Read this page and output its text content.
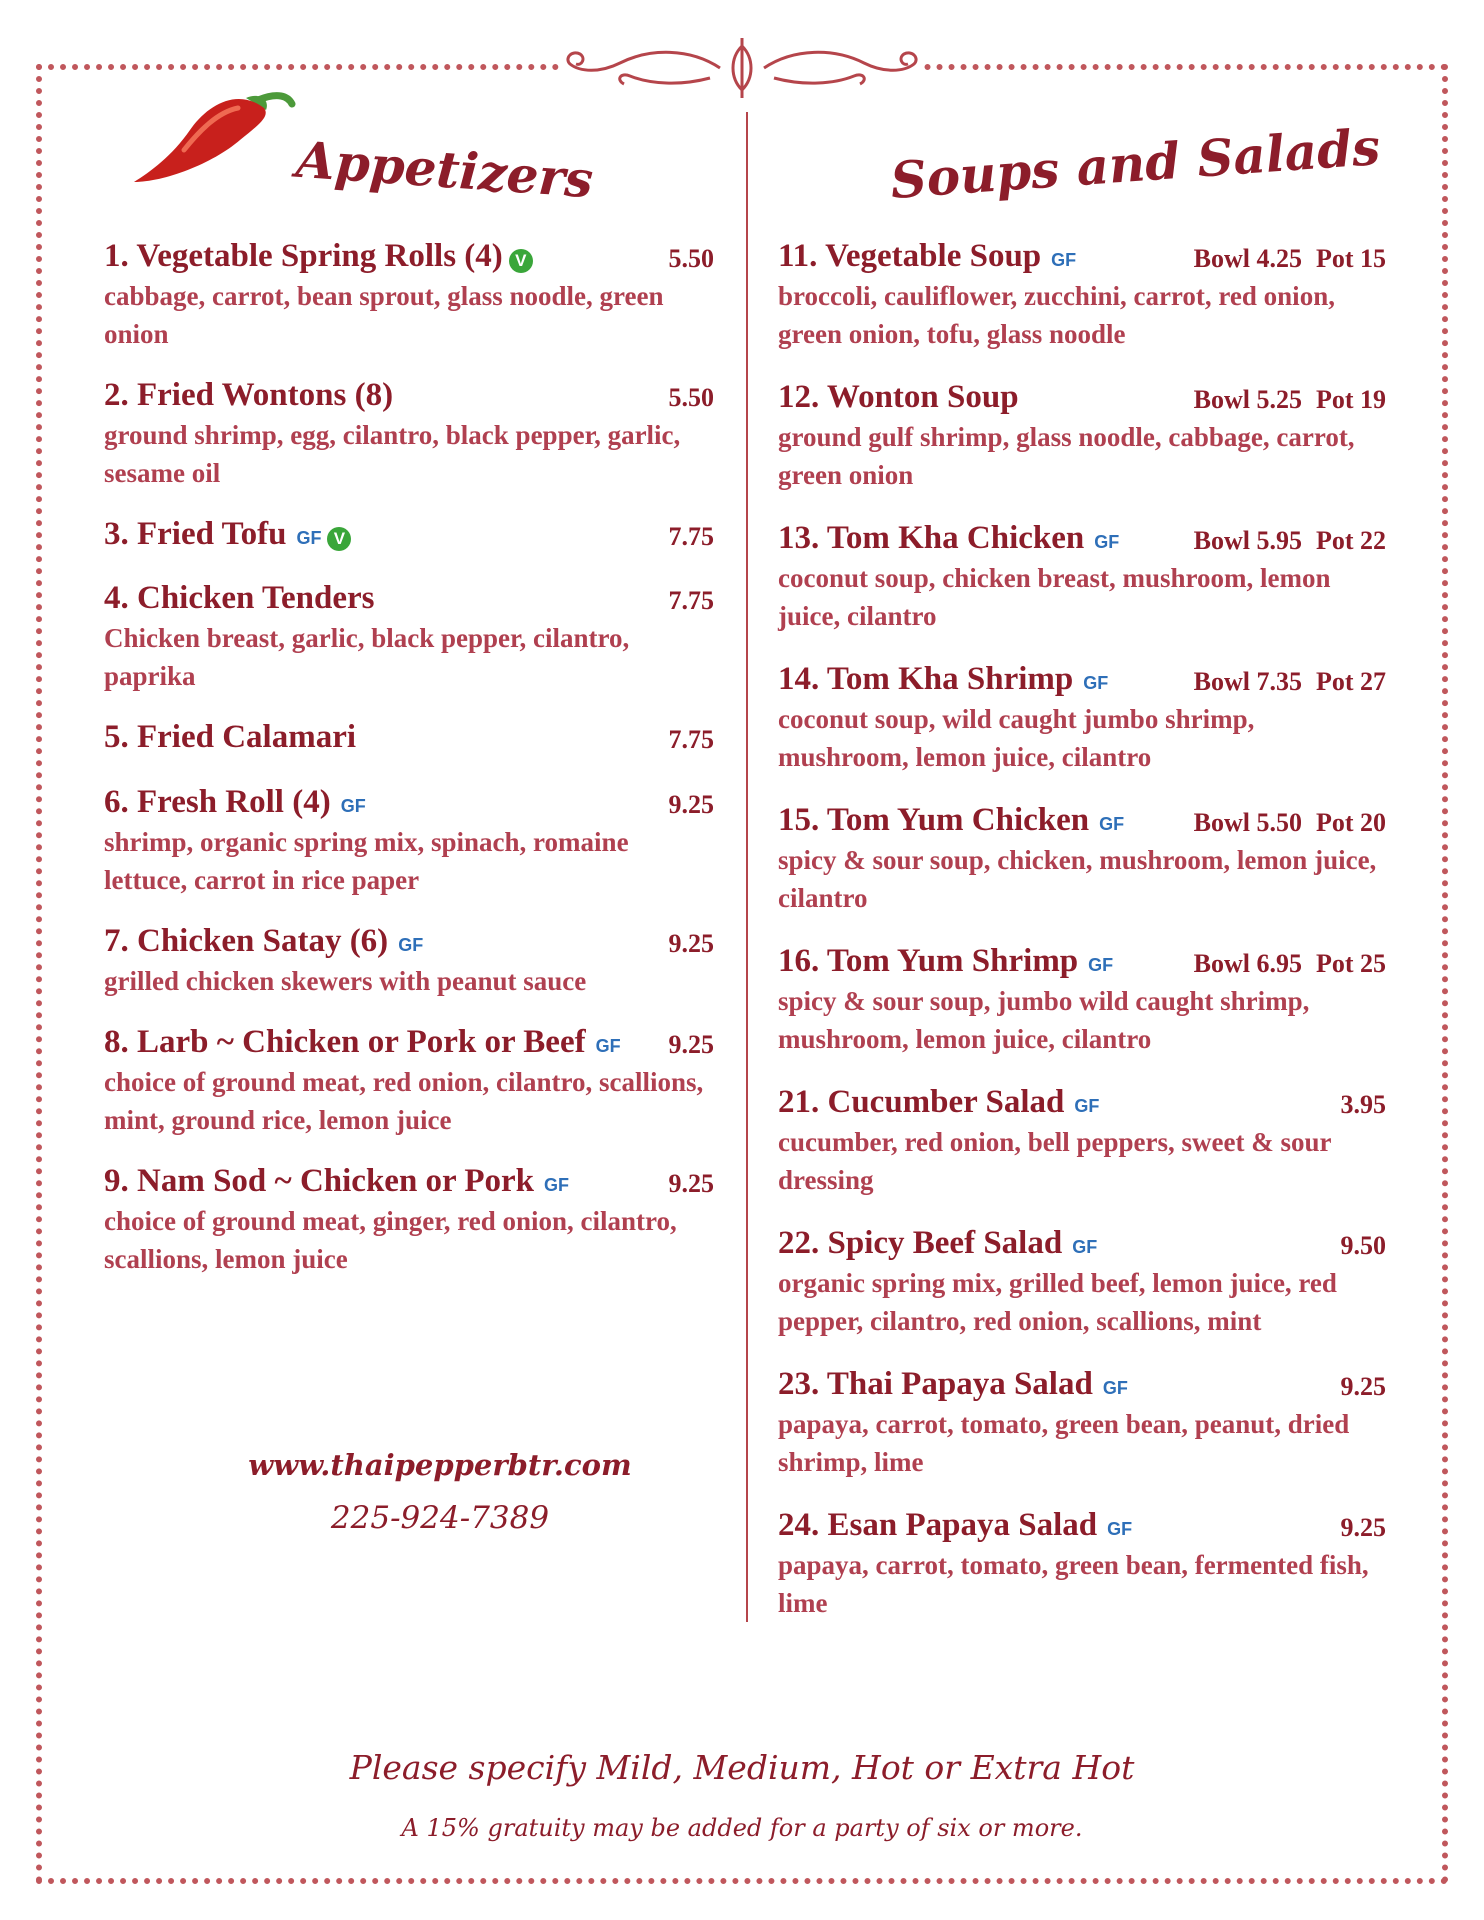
Appetizers	Soups and Salads
1. Vegetable Spring Rolls (4) V	5.50
cabbage, carrot, bean sprout, glass noodle, green onion
2. Fried Wontons (8)	5.50
ground shrimp, egg, cilantro, black pepper, garlic, sesame oil
3. Fried Tofu GF V	7.75
4. Chicken Tenders	7.75
Chicken breast, garlic, black pepper, cilantro, paprika
5. Fried Calamari	7.75
6. Fresh Roll (4) GF	9.25
shrimp, organic spring mix, spinach, romaine lettuce, carrot in rice paper
7. Chicken Satay (6) GF	9.25
grilled chicken skewers with peanut sauce
8. Larb ~ Chicken or Pork or Beef GF 9.25
choice of ground meat, red onion, cilantro, scallions, mint, ground rice, lemon juice
9. Nam Sod ~ Chicken or Pork GF	9.25
choice of ground meat, ginger, red onion, cilantro, scallions, lemon juice
11. Vegetable Soup GF	Bowl 4.25 Pot 15
broccoli, cauliflower, zucchini, carrot, red onion, green onion, tofu, glass noodle
12. Wonton Soup	Bowl 5.25 Pot 19
ground gulf shrimp, glass noodle, cabbage, carrot, green onion
13. Tom Kha Chicken GF	Bowl 5.95 Pot 22
coconut soup, chicken breast, mushroom, lemon juice, cilantro
14. Tom Kha Shrimp GF	Bowl 7.35 Pot 27
coconut soup, wild caught jumbo shrimp, mushroom, lemon juice, cilantro
15. Tom Yum Chicken GF	Bowl 5.50 Pot 20
spicy & sour soup, chicken, mushroom, lemon juice, cilantro
16. Tom Yum Shrimp GF	Bowl 6.95 Pot 25
spicy & sour soup, jumbo wild caught shrimp, mushroom, lemon juice, cilantro
21. Cucumber Salad GF	3.95
cucumber, red onion, bell peppers, sweet & sour dressing
22. Spicy Beef Salad GF	9.50
organic spring mix, grilled beef, lemon juice, red pepper, cilantro, red onion, scallions, mint
23. Thai Papaya Salad GF	9.25
papaya, carrot, tomato, green bean, peanut, dried shrimp, lime
24. Esan Papaya Salad GF	9.25
papaya, carrot, tomato, green bean, fermented fish, lime
www.thaipepperbtr.com
225-924-7389
Please specify Mild, Medium, Hot or Extra Hot
A 15% gratuity may be added for a party of six or more.
